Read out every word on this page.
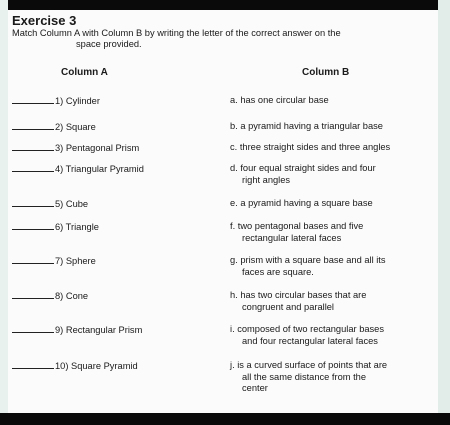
Exercise 3
Match Column A with Column B by writing the letter of the correct answer on the
space provided.
Column A	Column B
1) Cylinder
2) Square
3) Pentagonal Prism
4) Triangular Pyramid
5) Cube
6) Triangle
7) Sphere
8) Cone
9) Rectangular Prism
10) Square Pyramid
a. has one circular base
b. a pyramid having a triangular base
c. three straight sides and three angles
d. four equal straight sides and four
right angles
e. a pyramid having a square base
f. two pentagonal bases and five
rectangular lateral faces
g. prism with a square base and all its
faces are square.
h. has two circular bases that are
congruent and parallel
i. composed of two rectangular bases
and four rectangular lateral faces
j. is a curved surface of points that are
all the same distance from the
center
